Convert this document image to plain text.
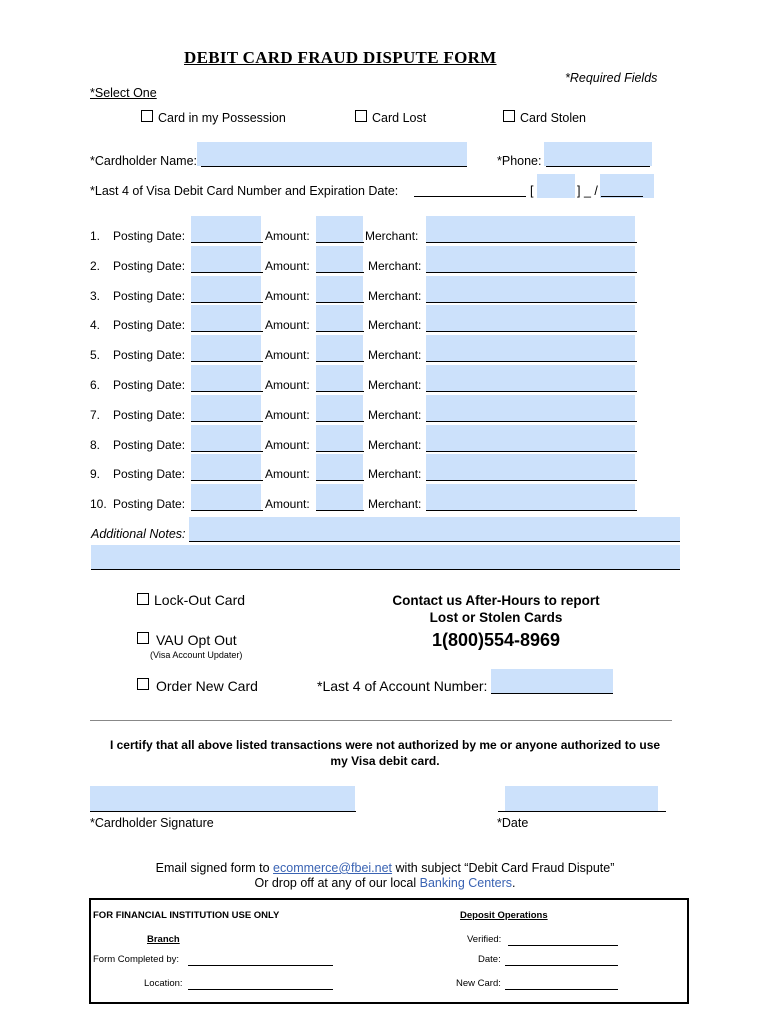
DEBIT CARD FRAUD DISPUTE FORM
*Required Fields
*Select One
Card in my Possession	Card Lost	Card Stolen
*Cardholder Name:	*Phone:
*Last 4 of Visa Debit Card Number and Expiration Date:	[	] _ /
1. Posting Date:	Amount:	Merchant:
2. Posting Date:	Amount:	Merchant:
3. Posting Date:	Amount:	Merchant:
4. Posting Date:	Amount:	Merchant:
5. Posting Date:	Amount:	Merchant:
6. Posting Date:	Amount:	Merchant:
7. Posting Date:	Amount:	Merchant:
8. Posting Date:	Amount:	Merchant:
9. Posting Date:	Amount:	Merchant:
10. Posting Date:	Amount:	Merchant:
Additional Notes:
Lock-Out Card
VAU Opt Out
(Visa Account Updater)
Order New Card	*Last 4 of Account Number:
Contact us After-Hours to report
Lost or Stolen Cards
1(800)554-8969
I certify that all above listed transactions were not authorized by me or anyone authorized to use
my Visa debit card.
*Cardholder Signature	*Date
Email signed form to ecommerce@fbei.net with subject “Debit Card Fraud Dispute”
Or drop off at any of our local Banking Centers.
FOR FINANCIAL INSTITUTION USE ONLY	Deposit Operations
Branch	Verified:
Form Completed by:	Date:
Location:	New Card:
